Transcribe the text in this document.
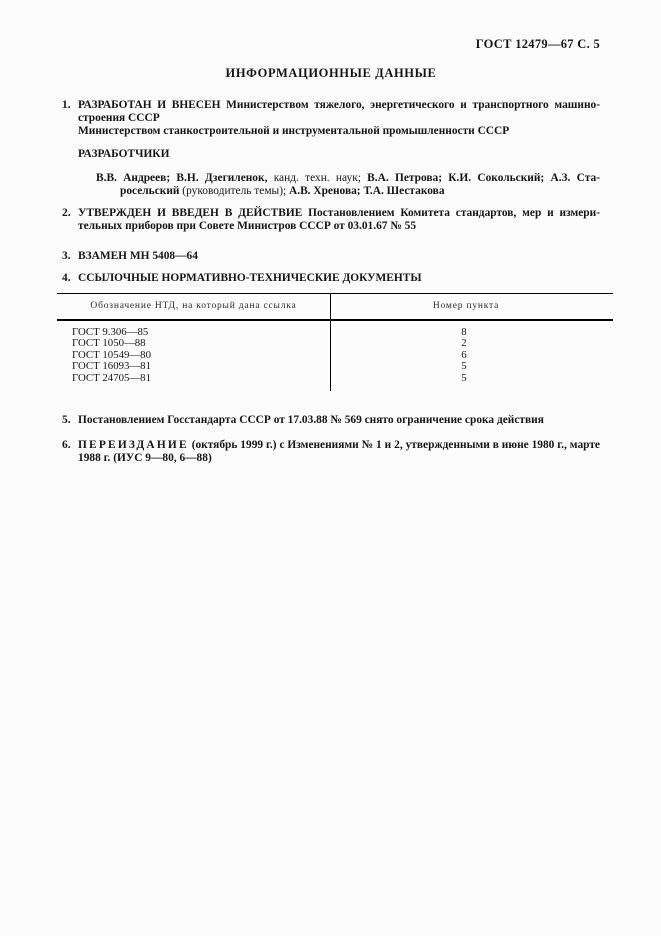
ГОСТ 12479—67 С. 5
ИНФОРМАЦИОННЫЕ ДАННЫЕ
1. РАЗРАБОТАН И ВНЕСЕН Министерством тяжелого, энергетического и транспортного машино-
строения СССР
Министерством станкостроительной и инструментальной промышленности СССР
РАЗРАБОТЧИКИ
В.В. Андреев; В.Н. Дзегиленок, канд. техн. наук; В.А. Петрова; К.И. Сокольский; А.З. Ста-
росельский (руководитель темы); А.В. Хренова; Т.А. Шестакова
2. УТВЕРЖДЕН И ВВЕДЕН В ДЕЙСТВИЕ Постановлением Комитета стандартов, мер и измери-
тельных приборов при Совете Министров СССР от 03.01.67 № 55
3. ВЗАМЕН МН 5408—64
4. ССЫЛОЧНЫЕ НОРМАТИВНО-ТЕХНИЧЕСКИЕ ДОКУМЕНТЫ
Обозначение НТД, на который дана ссылка	Номер пункта
ГОСТ 9.306—85
ГОСТ 1050—88
ГОСТ 10549—80
ГОСТ 16093—81
ГОСТ 24705—81
8
2
6
5
5
5. Постановлением Госстандарта СССР от 17.03.88 № 569 снято ограничение срока действия
6. ПЕРЕИЗДАНИЕ (октябрь 1999 г.) с Изменениями № 1 и 2, утвержденными в июне 1980 г., марте
1988 г. (ИУС 9—80, 6—88)
